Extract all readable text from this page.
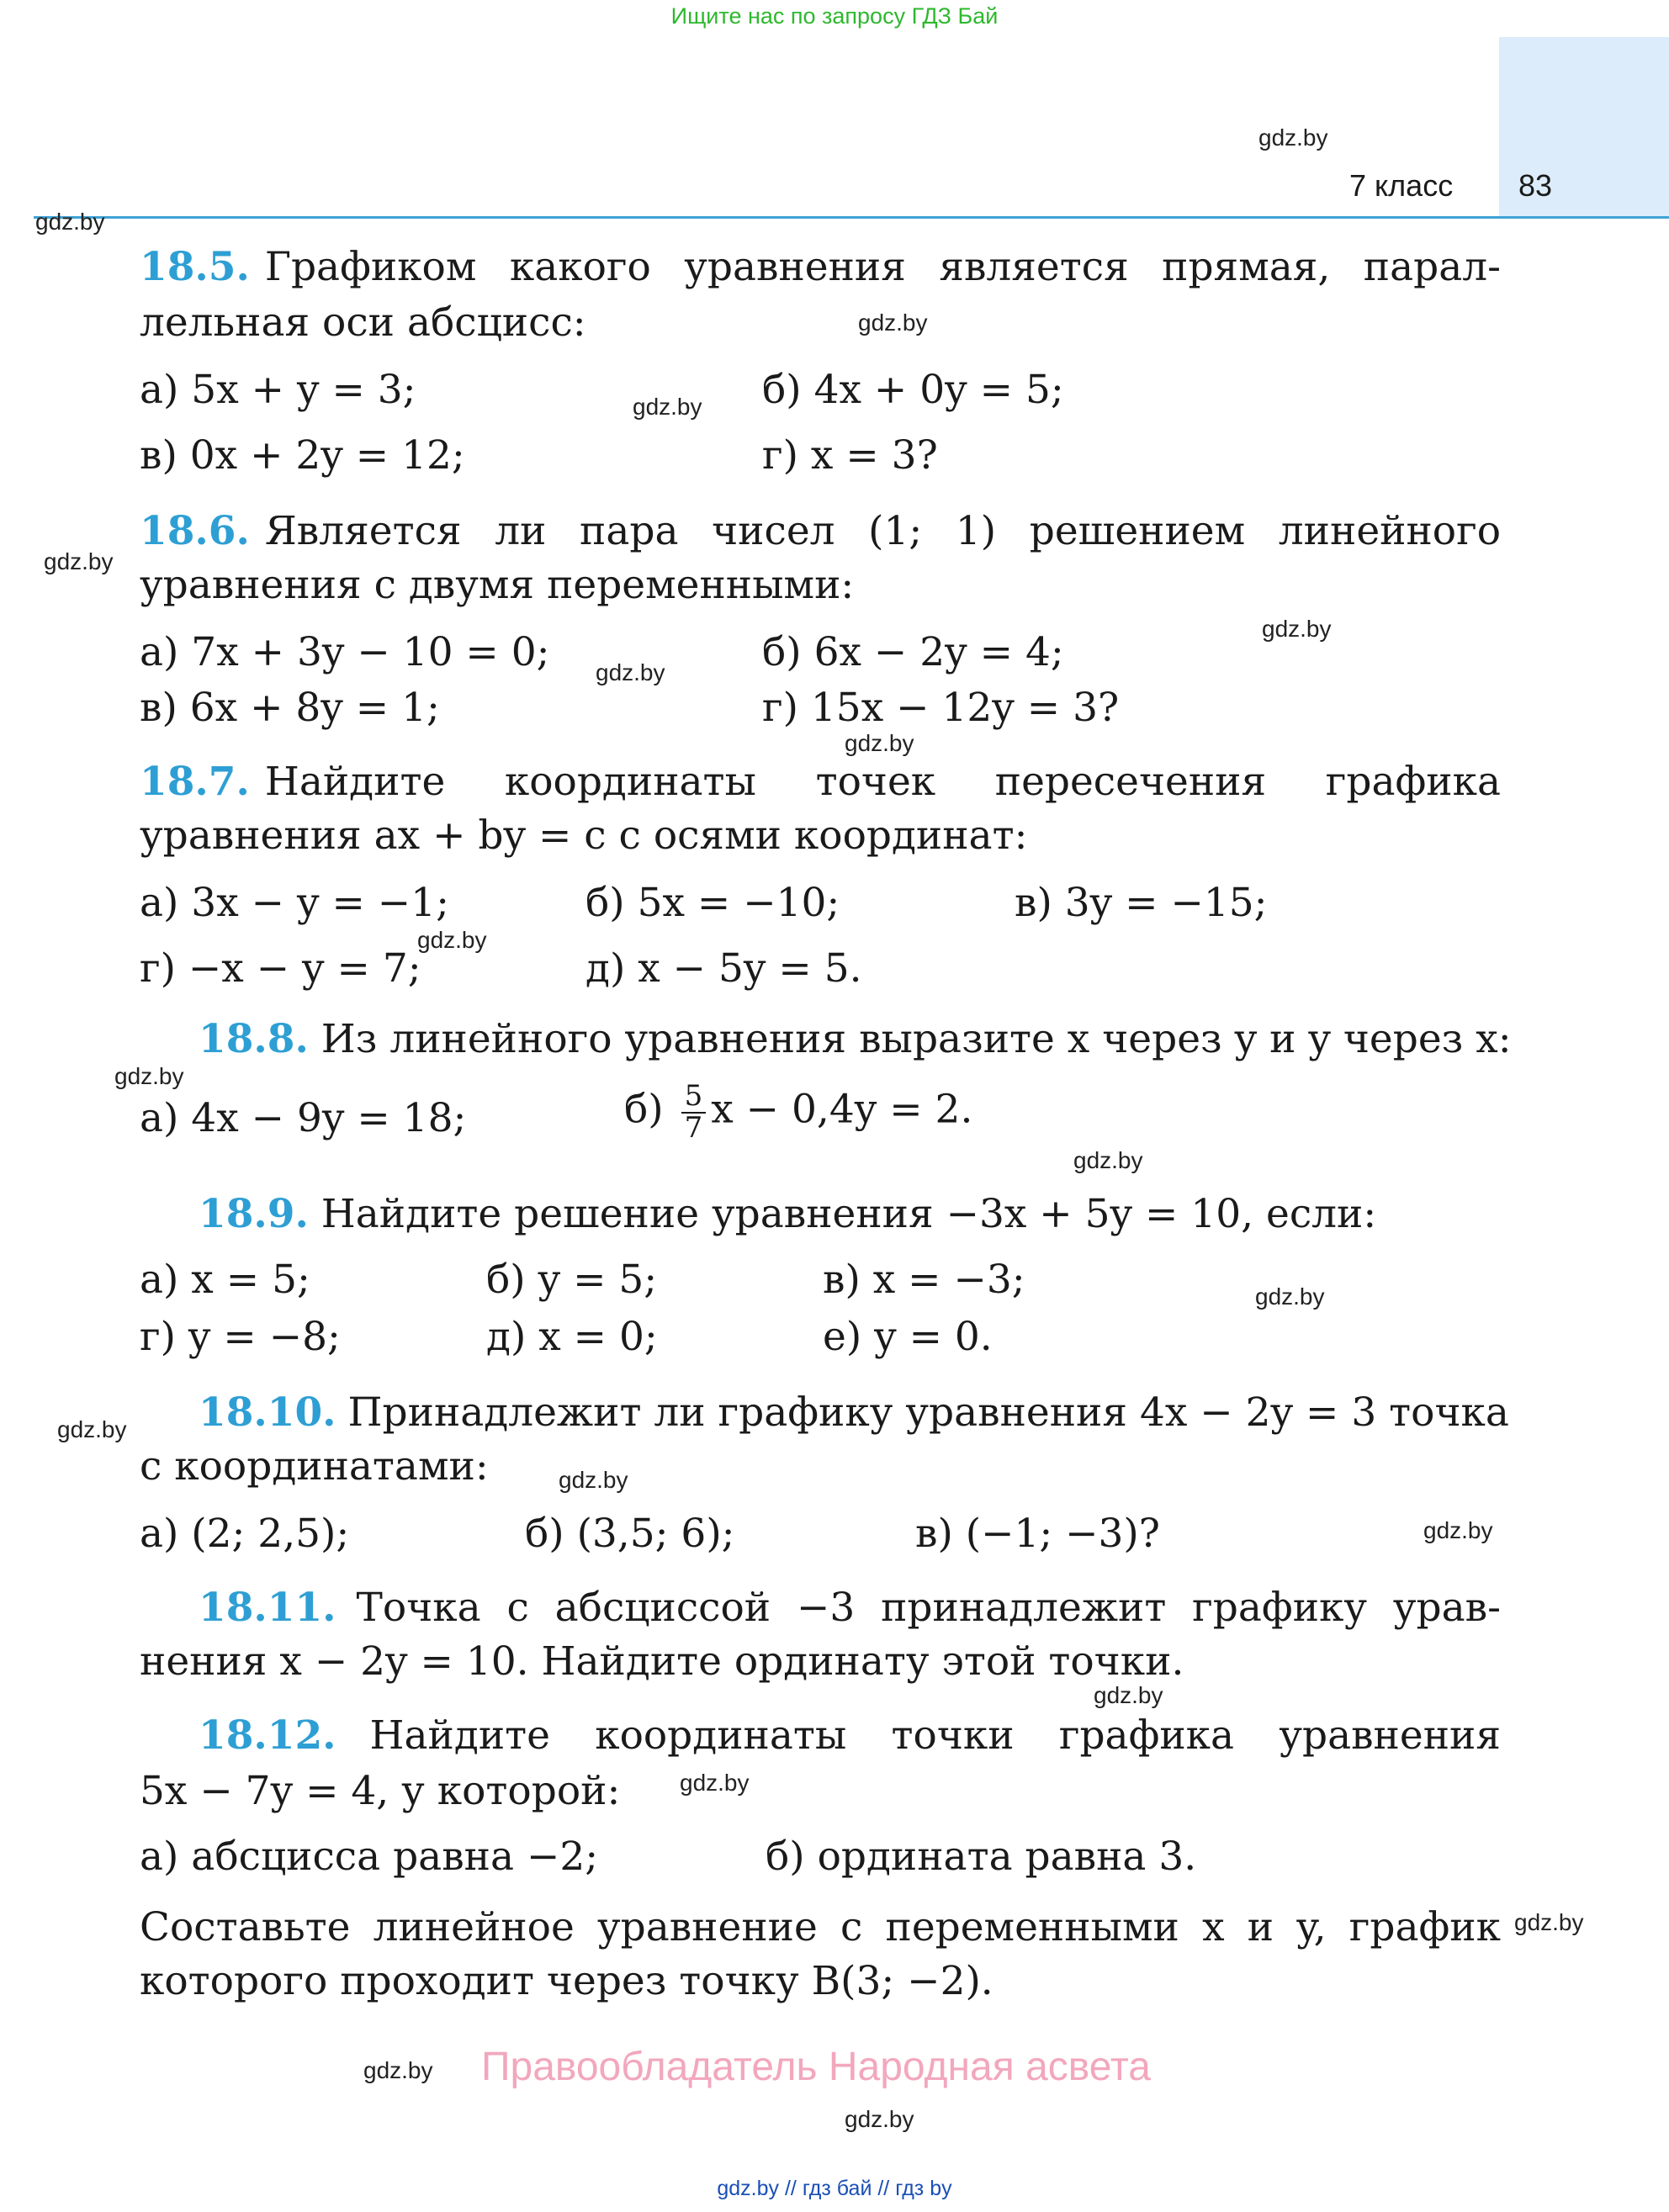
Ищите нас по запросу ГДЗ Бай
7 класс 83
gdz.by
gdz.by
gdz.by
gdz.by
gdz.by
gdz.by
gdz.by
gdz.by
gdz.by
gdz.by
gdz.by
gdz.by
gdz.by
gdz.by
gdz.by
gdz.by
gdz.by
gdz.by
gdz.by
gdz.by
18.5. Графиком какого уравнения является прямая, парал-
лельная оси абсцисс:
а) 5x + y = 3;	б) 4x + 0y = 5;
в) 0x + 2y = 12;	г) x = 3?
18.6. Является ли пара чисел (1; 1) решением линейного
уравнения с двумя переменными:
а) 7x + 3y − 10 = 0;	б) 6x − 2y = 4;
в) 6x + 8y = 1;	г) 15x − 12y = 3?
18.7. Найдите координаты точек пересечения графика
уравнения ax + by = c с осями координат:
а) 3x − y = −1;	б) 5x = −10;	в) 3y = −15;
г) −x − y = 7;	д) x − 5y = 5.
18.8. Из линейного уравнения выразите x через y и y через x:
а) 4x − 9y = 18;	$б) \frac{5}{7}$ x − 0,4y = 2.
18.9. Найдите решение уравнения −3x + 5y = 10, если:
а) x = 5;	б) y = 5;	в) x = −3;
г) y = −8;	д) x = 0;	е) y = 0.
18.10. Принадлежит ли графику уравнения 4x − 2y = 3 точка
с координатами:
а) (2; 2,5);	б) (3,5; 6);	в) (−1; −3)?
18.11. Точка с абсциссой −3 принадлежит графику урав-
нения x − 2y = 10. Найдите ординату этой точки.
18.12. Найдите координаты точки графика уравнения
5x − 7y = 4, у которой:
а) абсцисса равна −2;	б) ордината равна 3.
Составьте линейное уравнение с переменными x и y, график
которого проходит через точку B(3; −2).
Правообладатель Народная асвета
gdz.by // гдз бай // гдз by
